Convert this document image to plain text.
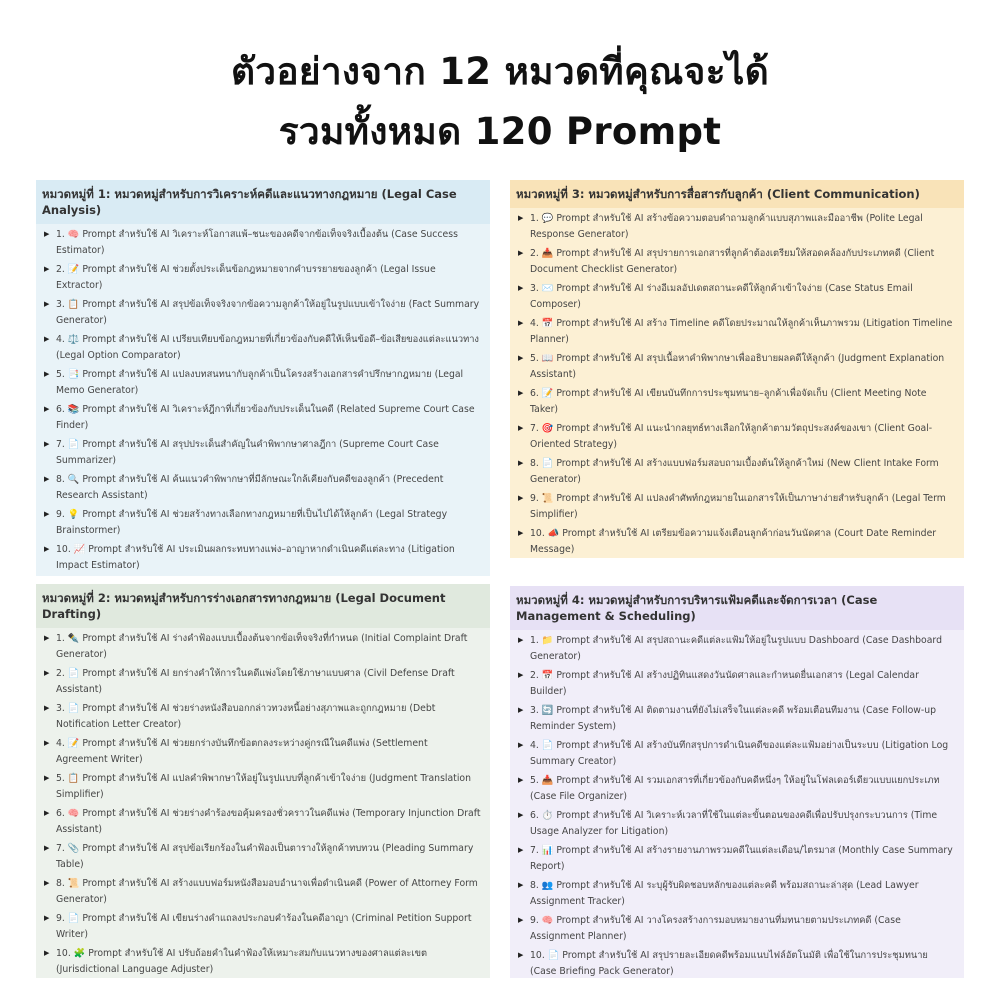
ตัวอย่างจาก 12 หมวดที่คุณจะได้
รวมทั้งหมด 120 Prompt
หมวดหมู่ที่ 1: หมวดหมู่สำหรับการวิเคราะห์คดีและแนวทางกฎหมาย (Legal Case Analysis)
▶ 1. 🧠 Prompt สำหรับใช้ AI วิเคราะห์โอกาสแพ้–ชนะของคดีจากข้อเท็จจริงเบื้องต้น (Case Success Estimator)
▶ 2. 📝 Prompt สำหรับใช้ AI ช่วยตั้งประเด็นข้อกฎหมายจากคำบรรยายของลูกค้า (Legal Issue Extractor)
▶ 3. 📋 Prompt สำหรับใช้ AI สรุปข้อเท็จจริงจากข้อความลูกค้าให้อยู่ในรูปแบบเข้าใจง่าย (Fact Summary Generator)
▶ 4. ⚖️ Prompt สำหรับใช้ AI เปรียบเทียบข้อกฎหมายที่เกี่ยวข้องกับคดีให้เห็นข้อดี–ข้อเสียของแต่ละแนวทาง (Legal Option Comparator)
▶ 5. 📑 Prompt สำหรับใช้ AI แปลงบทสนทนากับลูกค้าเป็นโครงสร้างเอกสารคำปรึกษากฎหมาย (Legal Memo Generator)
▶ 6. 📚 Prompt สำหรับใช้ AI วิเคราะห์ฎีกาที่เกี่ยวข้องกับประเด็นในคดี (Related Supreme Court Case Finder)
▶ 7. 📄 Prompt สำหรับใช้ AI สรุปประเด็นสำคัญในคำพิพากษาศาลฎีกา (Supreme Court Case Summarizer)
▶ 8. 🔍 Prompt สำหรับใช้ AI ค้นแนวคำพิพากษาที่มีลักษณะใกล้เคียงกับคดีของลูกค้า (Precedent Research Assistant)
▶ 9. 💡 Prompt สำหรับใช้ AI ช่วยสร้างทางเลือกทางกฎหมายที่เป็นไปได้ให้ลูกค้า (Legal Strategy Brainstormer)
▶ 10. 📈 Prompt สำหรับใช้ AI ประเมินผลกระทบทางแพ่ง–อาญาหากดำเนินคดีแต่ละทาง (Litigation Impact Estimator)
หมวดหมู่ที่ 3: หมวดหมู่สำหรับการสื่อสารกับลูกค้า (Client Communication)
▶ 1. 💬 Prompt สำหรับใช้ AI สร้างข้อความตอบคำถามลูกค้าแบบสุภาพและมืออาชีพ (Polite Legal Response Generator)
▶ 2. 📥 Prompt สำหรับใช้ AI สรุปรายการเอกสารที่ลูกค้าต้องเตรียมให้สอดคล้องกับประเภทคดี (Client Document Checklist Generator)
▶ 3. ✉️ Prompt สำหรับใช้ AI ร่างอีเมลอัปเดตสถานะคดีให้ลูกค้าเข้าใจง่าย (Case Status Email Composer)
▶ 4. 📅 Prompt สำหรับใช้ AI สร้าง Timeline คดีโดยประมาณให้ลูกค้าเห็นภาพรวม (Litigation Timeline Planner)
▶ 5. 📖 Prompt สำหรับใช้ AI สรุปเนื้อหาคำพิพากษาเพื่ออธิบายผลคดีให้ลูกค้า (Judgment Explanation Assistant)
▶ 6. 📝 Prompt สำหรับใช้ AI เขียนบันทึกการประชุมทนาย–ลูกค้าเพื่อจัดเก็บ (Client Meeting Note Taker)
▶ 7. 🎯 Prompt สำหรับใช้ AI แนะนำกลยุทธ์ทางเลือกให้ลูกค้าตามวัตถุประสงค์ของเขา (Client Goal-Oriented Strategy)
▶ 8. 📄 Prompt สำหรับใช้ AI สร้างแบบฟอร์มสอบถามเบื้องต้นให้ลูกค้าใหม่ (New Client Intake Form Generator)
▶ 9. 📜 Prompt สำหรับใช้ AI แปลงคำศัพท์กฎหมายในเอกสารให้เป็นภาษาง่ายสำหรับลูกค้า (Legal Term Simplifier)
▶ 10. 📣 Prompt สำหรับใช้ AI เตรียมข้อความแจ้งเตือนลูกค้าก่อนวันนัดศาล (Court Date Reminder Message)
หมวดหมู่ที่ 2: หมวดหมู่สำหรับการร่างเอกสารทางกฎหมาย (Legal Document Drafting)
▶ 1. ✒️ Prompt สำหรับใช้ AI ร่างคำฟ้องแบบเบื้องต้นจากข้อเท็จจริงที่กำหนด (Initial Complaint Draft Generator)
▶ 2. 📄 Prompt สำหรับใช้ AI ยกร่างคำให้การในคดีแพ่งโดยใช้ภาษาแบบศาล (Civil Defense Draft Assistant)
▶ 3. 📄 Prompt สำหรับใช้ AI ช่วยร่างหนังสือบอกกล่าวทวงหนี้อย่างสุภาพและถูกกฎหมาย (Debt Notification Letter Creator)
▶ 4. 📝 Prompt สำหรับใช้ AI ช่วยยกร่างบันทึกข้อตกลงระหว่างคู่กรณีในคดีแพ่ง (Settlement Agreement Writer)
▶ 5. 📋 Prompt สำหรับใช้ AI แปลคำพิพากษาให้อยู่ในรูปแบบที่ลูกค้าเข้าใจง่าย (Judgment Translation Simplifier)
▶ 6. 🧠 Prompt สำหรับใช้ AI ช่วยร่างคำร้องขอคุ้มครองชั่วคราวในคดีแพ่ง (Temporary Injunction Draft Assistant)
▶ 7. 📎 Prompt สำหรับใช้ AI สรุปข้อเรียกร้องในคำฟ้องเป็นตารางให้ลูกค้าทบทวน (Pleading Summary Table)
▶ 8. 📜 Prompt สำหรับใช้ AI สร้างแบบฟอร์มหนังสือมอบอำนาจเพื่อดำเนินคดี (Power of Attorney Form Generator)
▶ 9. 📄 Prompt สำหรับใช้ AI เขียนร่างคำแถลงประกอบคำร้องในคดีอาญา (Criminal Petition Support Writer)
▶ 10. 🧩 Prompt สำหรับใช้ AI ปรับถ้อยคำในคำฟ้องให้เหมาะสมกับแนวทางของศาลแต่ละเขต (Jurisdictional Language Adjuster)
หมวดหมู่ที่ 4: หมวดหมู่สำหรับการบริหารแฟ้มคดีและจัดการเวลา (Case Management & Scheduling)
▶ 1. 📁 Prompt สำหรับใช้ AI สรุปสถานะคดีแต่ละแฟ้มให้อยู่ในรูปแบบ Dashboard (Case Dashboard Generator)
▶ 2. 📅 Prompt สำหรับใช้ AI สร้างปฏิทินแสดงวันนัดศาลและกำหนดยื่นเอกสาร (Legal Calendar Builder)
▶ 3. 🔄 Prompt สำหรับใช้ AI ติดตามงานที่ยังไม่เสร็จในแต่ละคดี พร้อมเตือนทีมงาน (Case Follow-up Reminder System)
▶ 4. 📄 Prompt สำหรับใช้ AI สร้างบันทึกสรุปการดำเนินคดีของแต่ละแฟ้มอย่างเป็นระบบ (Litigation Log Summary Creator)
▶ 5. 📥 Prompt สำหรับใช้ AI รวมเอกสารที่เกี่ยวข้องกับคดีหนึ่งๆ ให้อยู่ในโฟลเดอร์เดียวแบบแยกประเภท (Case File Organizer)
▶ 6. ⏱️ Prompt สำหรับใช้ AI วิเคราะห์เวลาที่ใช้ในแต่ละขั้นตอนของคดีเพื่อปรับปรุงกระบวนการ (Time Usage Analyzer for Litigation)
▶ 7. 📊 Prompt สำหรับใช้ AI สร้างรายงานภาพรวมคดีในแต่ละเดือน/ไตรมาส (Monthly Case Summary Report)
▶ 8. 👥 Prompt สำหรับใช้ AI ระบุผู้รับผิดชอบหลักของแต่ละคดี พร้อมสถานะล่าสุด (Lead Lawyer Assignment Tracker)
▶ 9. 🧠 Prompt สำหรับใช้ AI วางโครงสร้างการมอบหมายงานที่มทนายตามประเภทคดี (Case Assignment Planner)
▶ 10. 📄 Prompt สำหรับใช้ AI สรุปรายละเอียดคดีพร้อมแนบไฟล์อัตโนมัติ เพื่อใช้ในการประชุมทนาย (Case Briefing Pack Generator)
